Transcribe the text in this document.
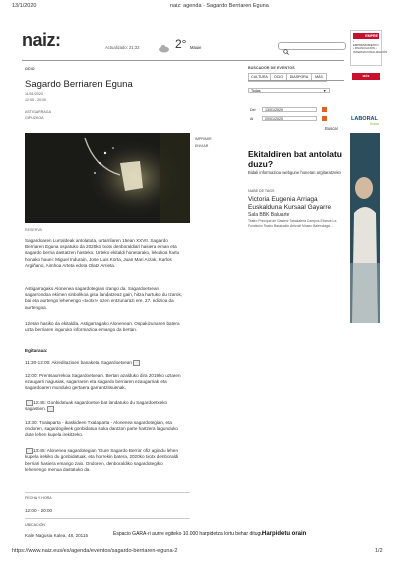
13/1/2020	naiz: agenda - Sagardo Berriaren Eguna
naiz:	Actualizado: 21:33	2° Mauie
OCIO
Sagardo Berriaren Eguna
11/01/2020
12:00 - 20:00
ASTIGARRAGA
GIPUZKOA
IMPRIMIR
ENVIAR
RESERVA
Sagardoaren Lurraldeak antolatuta, urtarrilaren 15ean XXVII. Sagardo Berriaren Eguna ospatuko da 2020ko txotx denboraldiari hasiera eman eta sagardo berria dastatzen hasteko. Urteko ekitaldi honetarako, lekukoa hartu honako hauei: Miguel Indurain, Jose Luis Korta, Juan Mari Arzak, Karlos Argiñano, Aimhoa Arteta edota Olatz Arrieta.
Astigarragako Alonenea sagardotegian izango da. Sagardoetxean sagarrondoa ekimen sinbolikoa gisa landatzeaz gain, hitza hartuko du Izarok, bai eta aurtengo lehenengo «txotx!» ozen entzunarazi ere. 27. edizioa da aurtengoa.
12etan hasiko da ekitaldia. Astigarragako Alonenean. Ospakizunaren batera uzta berriaren inguruko informazioa emango da bertan.
Egitaraua:
11:30-12:00: Akreditazioen banaketa Sagardoetxean
12:00: Prentsaurrekoa Sagardoetxean. Bertan azalduko dira 2019ko uztaren ezaugarri nagusiak, sagarraren eta sagardo berriaren ezaugarriak eta sagardoaren munduko gertaera garrantzitsuenak.
12:45: Gonbidatuak sagardoetxe bat landatuko du Sagardoetxeko sagastien.
13:30: Txalaparta - ikaskideen Txalaparta - Alonenea sagardotegian, eta ondoren, sagardogileek gonbidatua soka dantzan parte hartzera lagunduko dute lehen kupela irekitzeko.
13:45: Alonenea sagardotegian 'Gure Sagardo Berria' ofiz agindu lehen kupela irekiko du gonbidatuak, eta horrekin batera, 2020ko txotx denboraldi berriari hasiera emango zaio. Ondoren, denboraldiko sagardotegiko lehenengo menua dastatuko da.
FECHA Y HORA
12:00 - 20:00
UBICACIÓN
Kale Nagusia Kalea, 48, 20115	Espacio GARA-ri aurre egiteko 10.000 harpidetza lortu behar ditugu
Harpidetu orain
BUSCADOR DE EVENTOS
CULTURA	OCIO	DIASPORA	MÁS
Todas	▼
Del	13/01/2020
Al	20/01/2020
Buscar
Ekitaldiren bat antolatu duzu?
Bidali informazioa webgune honetan argitaratzeko
NUBE DE TAGS
Victoria Eugenia Arriaga Euskalduna Kursaal Gayarre
Sala BBK Baluarte
Teatro Principal de Gasteiz Tabakalera Campos Elíseos La Fundición Teatro Barakaldo Antzoki Museo Balenciaga...
EMPRE
• EMPRENDIMIENTO • FINANCIACIÓN • INTERNACIONALIZACIÓN
MÁS INFORMACIÓN
LABORAL
Kutxa
https://www.naiz.eus/es/agenda/eventos/sagardo-berriaren-eguna-2	1/2
